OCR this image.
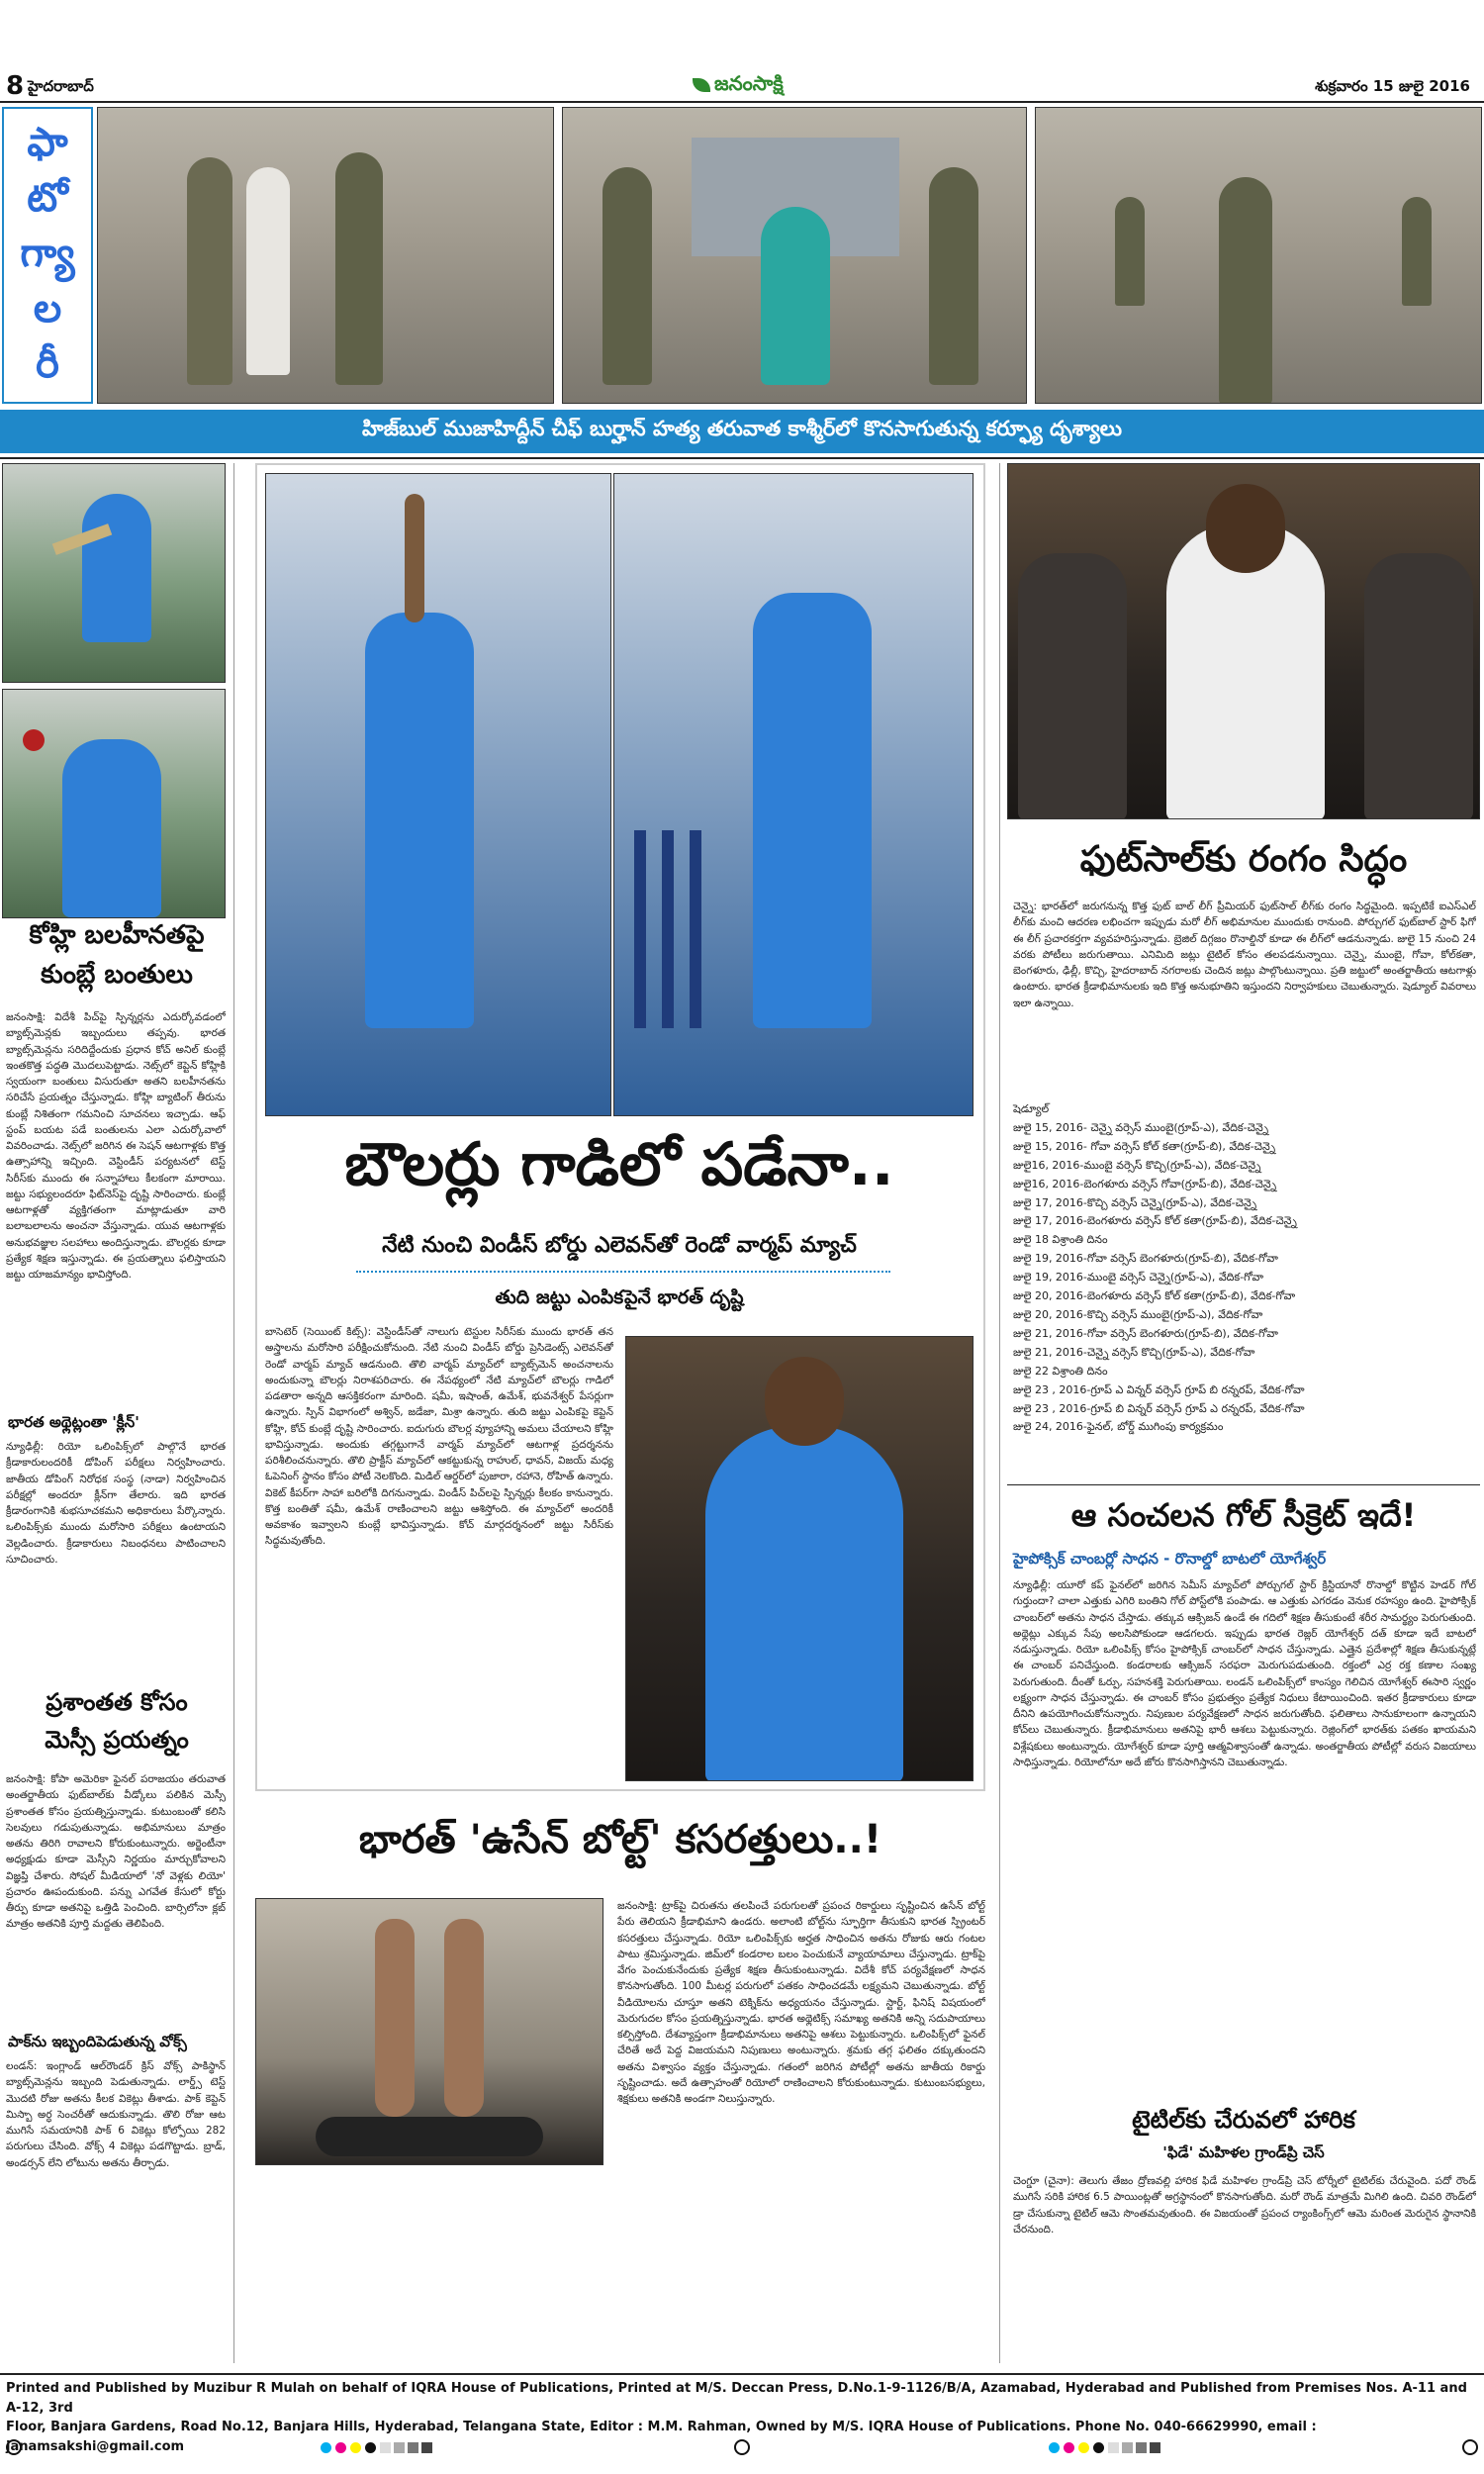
8 హైదరాబాద్	జనంసాక్షి	శుక్రవారం 15 జులై 2016
ఫా
టో
గ్యా
ల
రీ
హిజ్‌బుల్ ముజాహిద్దీన్ చీఫ్ బుర్హాన్ హత్య తరువాత కాశ్మీర్‌లో కొనసాగుతున్న కర్ఫ్యూ దృశ్యాలు
కోహ్లి బలహీనతపై
కుంబ్లే బంతులు
జనంసాక్షి: విదేశీ పిచ్‌పై స్పిన్నర్లను ఎదుర్కోవడంలో బ్యాట్స్‌మెన్లకు ఇబ్బందులు తప్పవు. భారత బ్యాట్స్‌మెన్లను సరిదిద్దేందుకు ప్రధాన కోచ్ అనిల్ కుంబ్లే ఇంతకొత్త పద్ధతి మొదలుపెట్టాడు. నెట్స్‌లో కెప్టెన్ కోహ్లికి స్వయంగా బంతులు విసురుతూ అతని బలహీనతను సరిచేసే ప్రయత్నం చేస్తున్నాడు. కోహ్లి బ్యాటింగ్ తీరును కుంబ్లే నిశితంగా గమనించి సూచనలు ఇచ్చాడు. ఆఫ్ స్టంప్ బయట పడే బంతులను ఎలా ఎదుర్కోవాలో వివరించాడు. నెట్స్‌లో జరిగిన ఈ సెషన్ ఆటగాళ్లకు కొత్త ఉత్సాహాన్ని ఇచ్చింది. వెస్టిండీస్ పర్యటనలో టెస్ట్ సిరీస్‌కు ముందు ఈ సన్నాహాలు కీలకంగా మారాయి. జట్టు సభ్యులందరూ ఫిట్‌నెస్‌పై దృష్టి సారించారు. కుంబ్లే ఆటగాళ్లతో వ్యక్తిగతంగా మాట్లాడుతూ వారి బలాబలాలను అంచనా వేస్తున్నాడు. యువ ఆటగాళ్లకు అనుభవజ్ఞుల సలహాలు అందిస్తున్నాడు. బౌలర్లకు కూడా ప్రత్యేక శిక్షణ ఇస్తున్నాడు. ఈ ప్రయత్నాలు ఫలిస్తాయని జట్టు యాజమాన్యం భావిస్తోంది.
భారత అథ్లెట్లంతా 'క్లీన్'
న్యూఢిల్లీ: రియో ఒలింపిక్స్‌లో పాల్గొనే భారత క్రీడాకారులందరికీ డోపింగ్ పరీక్షలు నిర్వహించారు. జాతీయ డోపింగ్ నిరోధక సంస్థ (నాడా) నిర్వహించిన పరీక్షల్లో అందరూ క్లీన్‌గా తేలారు. ఇది భారత క్రీడారంగానికి శుభసూచకమని అధికారులు పేర్కొన్నారు. ఒలింపిక్స్‌కు ముందు మరోసారి పరీక్షలు ఉంటాయని వెల్లడించారు. క్రీడాకారులు నిబంధనలు పాటించాలని సూచించారు.
ప్రశాంతత కోసం
మెస్సీ ప్రయత్నం
జనంసాక్షి: కోపా అమెరికా ఫైనల్ పరాజయం తరువాత అంతర్జాతీయ ఫుట్‌బాల్‌కు వీడ్కోలు పలికిన మెస్సీ ప్రశాంతత కోసం ప్రయత్నిస్తున్నాడు. కుటుంబంతో కలిసి సెలవులు గడుపుతున్నాడు. అభిమానులు మాత్రం అతను తిరిగి రావాలని కోరుకుంటున్నారు. అర్జెంటీనా అధ్యక్షుడు కూడా మెస్సీని నిర్ణయం మార్చుకోవాలని విజ్ఞప్తి చేశారు. సోషల్ మీడియాలో 'నో వెళ్లకు లియో' ప్రచారం ఊపందుకుంది. పన్ను ఎగవేత కేసులో కోర్టు తీర్పు కూడా అతనిపై ఒత్తిడి పెంచింది. బార్సిలోనా క్లబ్ మాత్రం అతనికి పూర్తి మద్దతు తెలిపింది.
పాక్‌ను ఇబ్బందిపెడుతున్న వోక్స్
లండన్: ఇంగ్లాండ్ ఆల్‌రౌండర్ క్రిస్ వోక్స్ పాకిస్థాన్ బ్యాట్స్‌మెన్లను ఇబ్బంది పెడుతున్నాడు. లార్డ్స్ టెస్ట్ మొదటి రోజు అతను కీలక వికెట్లు తీశాడు. పాక్ కెప్టెన్ మిస్బా అర్ధ సెంచరీతో ఆదుకున్నాడు. తొలి రోజు ఆట ముగిసే సమయానికి పాక్ 6 వికెట్లు కోల్పోయి 282 పరుగులు చేసింది. వోక్స్ 4 వికెట్లు పడగొట్టాడు. బ్రాడ్, అండర్సన్ లేని లోటును అతను తీర్చాడు.
బౌలర్లు గాడిలో పడేనా..
నేటి నుంచి విండీస్ బోర్డు ఎలెవన్‌తో రెండో వార్మప్ మ్యాచ్
తుది జట్టు ఎంపికపైనే భారత్ దృష్టి
బాసెటెర్ (సెయింట్ కిట్స్): వెస్టిండీస్‌తో నాలుగు టెస్టుల సిరీస్‌కు ముందు భారత్ తన అస్త్రాలను మరోసారి పరీక్షించుకోనుంది. నేటి నుంచి విండీస్ బోర్డు ప్రెసిడెంట్స్ ఎలెవన్‌తో రెండో వార్మప్ మ్యాచ్ ఆడనుంది. తొలి వార్మప్ మ్యాచ్‌లో బ్యాట్స్‌మెన్ అంచనాలను అందుకున్నా బౌలర్లు నిరాశపరిచారు. ఈ నేపథ్యంలో నేటి మ్యాచ్‌లో బౌలర్లు గాడిలో పడతారా అన్నది ఆసక్తికరంగా మారింది. షమీ, ఇషాంత్, ఉమేశ్, భువనేశ్వర్ పేసర్లుగా ఉన్నారు. స్పిన్ విభాగంలో అశ్విన్, జడేజా, మిశ్రా ఉన్నారు. తుది జట్టు ఎంపికపై కెప్టెన్ కోహ్లి, కోచ్ కుంబ్లే దృష్టి సారించారు. ఐదుగురు బౌలర్ల వ్యూహాన్ని అమలు చేయాలని కోహ్లి భావిస్తున్నాడు. అందుకు తగ్గట్టుగానే వార్మప్ మ్యాచ్‌లో ఆటగాళ్ల ప్రదర్శనను పరిశీలించనున్నారు. తొలి ప్రాక్టీస్ మ్యాచ్‌లో ఆకట్టుకున్న రాహుల్, ధావన్, విజయ్ మధ్య ఓపెనింగ్ స్థానం కోసం పోటీ నెలకొంది. మిడిల్ ఆర్డర్‌లో పుజారా, రహానె, రోహిత్ ఉన్నారు. వికెట్ కీపర్‌గా సాహా బరిలోకి దిగనున్నాడు. విండీస్ పిచ్‌లపై స్పిన్నర్లు కీలకం కానున్నారు. కొత్త బంతితో షమీ, ఉమేశ్ రాణించాలని జట్టు ఆశిస్తోంది. ఈ మ్యాచ్‌లో అందరికీ అవకాశం ఇవ్వాలని కుంబ్లే భావిస్తున్నాడు. కోచ్ మార్గదర్శనంలో జట్టు సిరీస్‌కు సిద్ధమవుతోంది.
భారత్ 'ఉసేన్ బోల్ట్' కసరత్తులు..!
జనంసాక్షి: ట్రాక్‌పై చిరుతను తలపించే పరుగులతో ప్రపంచ రికార్డులు సృష్టించిన ఉసేన్ బోల్ట్ పేరు తెలియని క్రీడాభిమాని ఉండరు. అలాంటి బోల్ట్‌ను స్ఫూర్తిగా తీసుకుని భారత స్ప్రింటర్ కసరత్తులు చేస్తున్నాడు. రియో ఒలింపిక్స్‌కు అర్హత సాధించిన అతను రోజుకు ఆరు గంటల పాటు శ్రమిస్తున్నాడు. జిమ్‌లో కండరాల బలం పెంచుకునే వ్యాయామాలు చేస్తున్నాడు. ట్రాక్‌పై వేగం పెంచుకునేందుకు ప్రత్యేక శిక్షణ తీసుకుంటున్నాడు. విదేశీ కోచ్ పర్యవేక్షణలో సాధన కొనసాగుతోంది. 100 మీటర్ల పరుగులో పతకం సాధించడమే లక్ష్యమని చెబుతున్నాడు. బోల్ట్ వీడియోలను చూస్తూ అతని టెక్నిక్‌ను అధ్యయనం చేస్తున్నాడు. స్టార్ట్, ఫినిష్ విషయంలో మెరుగుదల కోసం ప్రయత్నిస్తున్నాడు. భారత అథ్లెటిక్స్ సమాఖ్య అతనికి అన్ని సదుపాయాలు కల్పిస్తోంది. దేశవ్యాప్తంగా క్రీడాభిమానులు అతనిపై ఆశలు పెట్టుకున్నారు. ఒలింపిక్స్‌లో ఫైనల్ చేరితే అదే పెద్ద విజయమని నిపుణులు అంటున్నారు. శ్రమకు తగ్గ ఫలితం దక్కుతుందని అతను విశ్వాసం వ్యక్తం చేస్తున్నాడు. గతంలో జరిగిన పోటీల్లో అతను జాతీయ రికార్డు సృష్టించాడు. అదే ఉత్సాహంతో రియోలో రాణించాలని కోరుకుంటున్నాడు. కుటుంబసభ్యులు, శిక్షకులు అతనికి అండగా నిలుస్తున్నారు.
ఫుట్‌సాల్‌కు రంగం సిద్ధం
చెన్నై: భారత్‌లో జరుగనున్న కొత్త ఫుట్ బాల్ లీగ్ ప్రీమియర్ ఫుట్‌సాల్ లీగ్‌కు రంగం సిద్ధమైంది. ఇప్పటికే ఐఎస్‌ఎల్ లీగ్‌కు మంచి ఆదరణ లభించగా ఇప్పుడు మరో లీగ్ అభిమానుల ముందుకు రానుంది. పోర్చుగల్ ఫుట్‌బాల్ స్టార్ ఫిగో ఈ లీగ్ ప్రచారకర్తగా వ్యవహరిస్తున్నాడు. బ్రెజిల్ దిగ్గజం రొనాల్డినో కూడా ఈ లీగ్‌లో ఆడనున్నాడు. జులై 15 నుంచి 24 వరకు పోటీలు జరుగుతాయి. ఎనిమిది జట్లు టైటిల్ కోసం తలపడనున్నాయి. చెన్నై, ముంబై, గోవా, కోల్‌కతా, బెంగళూరు, ఢిల్లీ, కొచ్చి, హైదరాబాద్ నగరాలకు చెందిన జట్లు పాల్గొంటున్నాయి. ప్రతి జట్టులో అంతర్జాతీయ ఆటగాళ్లు ఉంటారు. భారత క్రీడాభిమానులకు ఇది కొత్త అనుభూతిని ఇస్తుందని నిర్వాహకులు చెబుతున్నారు. షెడ్యూల్ వివరాలు ఇలా ఉన్నాయి.
షెడ్యూల్
జులై 15, 2016- చెన్నై వర్సెస్ ముంబై(గ్రూప్-ఎ), వేదిక-చెన్నై
జులై 15, 2016- గోవా వర్సెస్ కోల్ కతా(గ్రూప్-బి), వేదిక-చెన్నై
జులై16, 2016-ముంబై వర్సెస్ కొచ్చి(గ్రూప్-ఎ), వేదిక-చెన్నై
జులై16, 2016-బెంగళూరు వర్సెస్ గోవా(గ్రూప్-బి), వేదిక-చెన్నై
జులై 17, 2016-కొచ్చి వర్సెస్ చెన్నై(గ్రూప్-ఎ), వేదిక-చెన్నై
జులై 17, 2016-బెంగళూరు వర్సెస్ కోల్ కతా(గ్రూప్-బి), వేదిక-చెన్నై
జులై 18 విశ్రాంతి దినం
జులై 19, 2016-గోవా వర్సెస్ బెంగళూరు(గ్రూప్-బి), వేదిక-గోవా
జులై 19, 2016-ముంబై వర్సెస్ చెన్నై(గ్రూప్-ఎ), వేదిక-గోవా
జులై 20, 2016-బెంగళూరు వర్సెస్ కోల్ కతా(గ్రూప్-బి), వేదిక-గోవా
జులై 20, 2016-కొచ్చి వర్సెస్ ముంబై(గ్రూప్-ఎ), వేదిక-గోవా
జులై 21, 2016-గోవా వర్సెస్ బెంగళూరు(గ్రూప్-బి), వేదిక-గోవా
జులై 21, 2016-చెన్నై వర్సెస్ కొచ్చి(గ్రూప్-ఎ), వేదిక-గోవా
జులై 22 విశ్రాంతి దినం
జులై 23 , 2016-గ్రూప్ ఎ విన్నర్ వర్సెస్ గ్రూప్ బి రన్నరప్, వేదిక-గోవా
జులై 23 , 2016-గ్రూప్ బి విన్నర్ వర్సెస్ గ్రూప్ ఎ రన్నరప్, వేదిక-గోవా
జులై 24, 2016-ఫైనల్, బోర్డ్ ముగింపు కార్యక్రమం
ఆ సంచలన గోల్ సీక్రెట్ ఇదే!
హైపోక్సిక్ చాంబర్లో సాధన - రొనాల్డో బాటలో యోగేశ్వర్
న్యూఢిల్లీ: యూరో కప్ ఫైనల్‌లో జరిగిన సెమీస్ మ్యాచ్‌లో పోర్చుగల్ స్టార్ క్రిస్టియానో రొనాల్డో కొట్టిన హెడర్ గోల్ గుర్తుందా? చాలా ఎత్తుకు ఎగిరి బంతిని గోల్ పోస్ట్‌లోకి పంపాడు. ఆ ఎత్తుకు ఎగరడం వెనుక రహస్యం ఉంది. హైపోక్సిక్ చాంబర్‌లో అతను సాధన చేస్తాడు. తక్కువ ఆక్సిజన్ ఉండే ఈ గదిలో శిక్షణ తీసుకుంటే శరీర సామర్థ్యం పెరుగుతుంది. అథ్లెట్లు ఎక్కువ సేపు అలసిపోకుండా ఆడగలరు. ఇప్పుడు భారత రెజ్లర్ యోగేశ్వర్ దత్ కూడా ఇదే బాటలో నడుస్తున్నాడు. రియో ఒలింపిక్స్ కోసం హైపోక్సిక్ చాంబర్‌లో సాధన చేస్తున్నాడు. ఎత్తైన ప్రదేశాల్లో శిక్షణ తీసుకున్నట్లే ఈ చాంబర్ పనిచేస్తుంది. కండరాలకు ఆక్సిజన్ సరఫరా మెరుగుపడుతుంది. రక్తంలో ఎర్ర రక్త కణాల సంఖ్య పెరుగుతుంది. దీంతో ఓర్పు, సహనశక్తి పెరుగుతాయి. లండన్ ఒలింపిక్స్‌లో కాంస్యం గెలిచిన యోగేశ్వర్ ఈసారి స్వర్ణం లక్ష్యంగా సాధన చేస్తున్నాడు. ఈ చాంబర్ కోసం ప్రభుత్వం ప్రత్యేక నిధులు కేటాయించింది. ఇతర క్రీడాకారులు కూడా దీనిని ఉపయోగించుకోనున్నారు. నిపుణుల పర్యవేక్షణలో సాధన జరుగుతోంది. ఫలితాలు సానుకూలంగా ఉన్నాయని కోచ్‌లు చెబుతున్నారు. క్రీడాభిమానులు అతనిపై భారీ ఆశలు పెట్టుకున్నారు. రెజ్లింగ్‌లో భారత్‌కు పతకం ఖాయమని విశ్లేషకులు అంటున్నారు. యోగేశ్వర్ కూడా పూర్తి ఆత్మవిశ్వాసంతో ఉన్నాడు. అంతర్జాతీయ పోటీల్లో వరుస విజయాలు సాధిస్తున్నాడు. రియోలోనూ అదే జోరు కొనసాగిస్తానని చెబుతున్నాడు.
టైటిల్‌కు చేరువలో హారిక
'ఫిడే' మహిళల గ్రాండ్‌ప్రి చెస్
చెంగ్డూ (చైనా): తెలుగు తేజం ద్రోణవల్లి హారిక ఫిడే మహిళల గ్రాండ్‌ప్రి చెస్ టోర్నీలో టైటిల్‌కు చేరువైంది. పదో రౌండ్ ముగిసే సరికి హారిక 6.5 పాయింట్లతో అగ్రస్థానంలో కొనసాగుతోంది. మరో రౌండ్ మాత్రమే మిగిలి ఉంది. చివరి రౌండ్‌లో డ్రా చేసుకున్నా టైటిల్ ఆమె సొంతమవుతుంది. ఈ విజయంతో ప్రపంచ ర్యాంకింగ్స్‌లో ఆమె మరింత మెరుగైన స్థానానికి చేరనుంది.
Printed and Published by Muzibur R Mulah on behalf of IQRA House of Publications, Printed at M/S. Deccan Press, D.No.1-9-1126/B/A, Azamabad, Hyderabad and Published from Premises Nos. A-11 and A-12, 3rd
Floor, Banjara Gardens, Road No.12, Banjara Hills, Hyderabad, Telangana State, Editor : M.M. Rahman, Owned by M/S. IQRA House of Publications. Phone No. 040-66629990, email : janamsakshi@gmail.com
